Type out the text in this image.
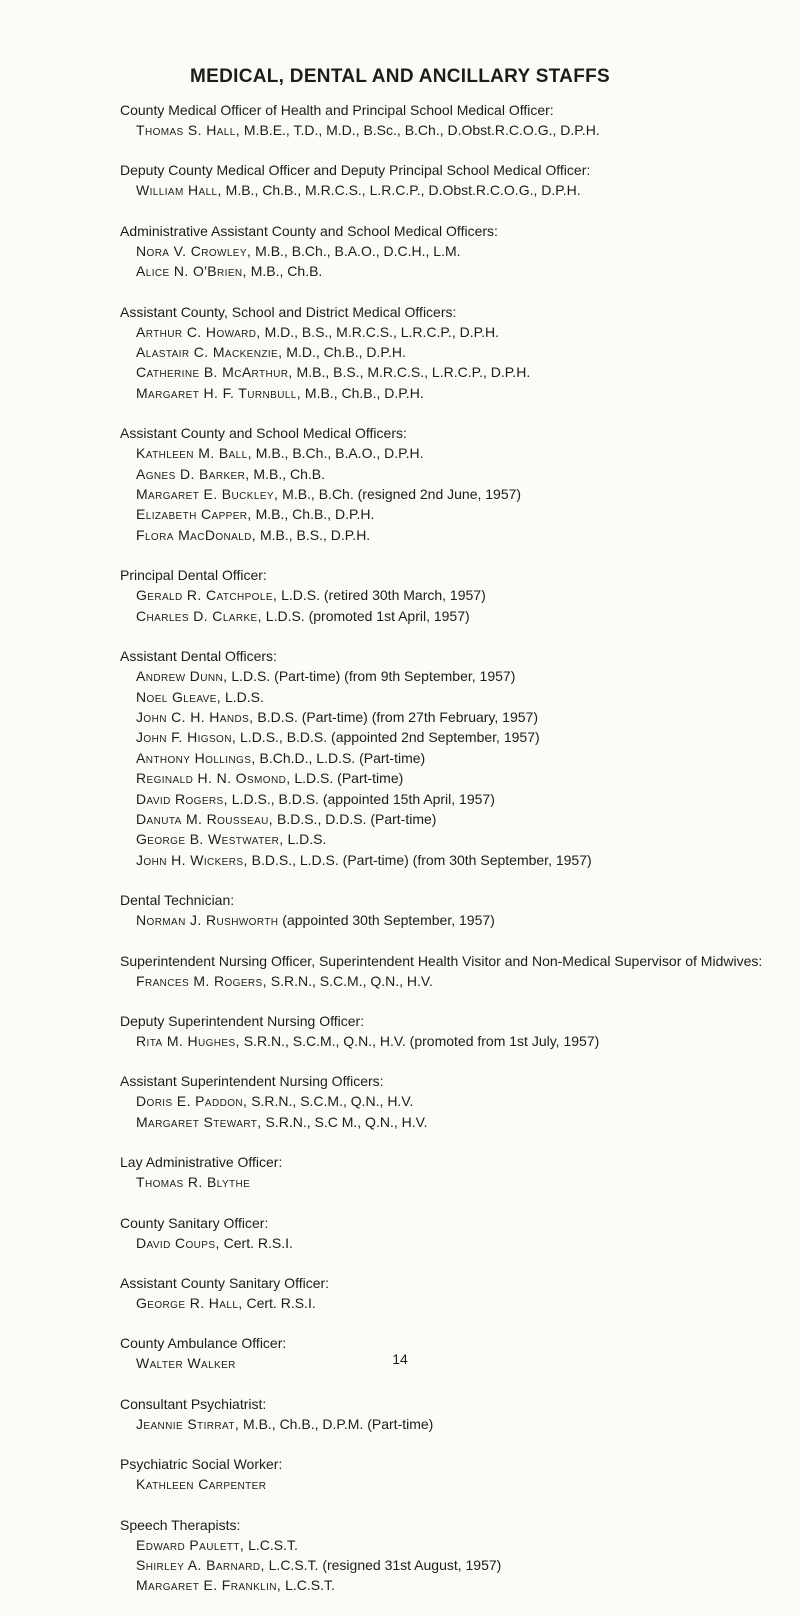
MEDICAL, DENTAL AND ANCILLARY STAFFS
County Medical Officer of Health and Principal School Medical Officer:
Thomas S. Hall, M.B.E., T.D., M.D., B.Sc., B.Ch., D.Obst.R.C.O.G., D.P.H.
Deputy County Medical Officer and Deputy Principal School Medical Officer:
William Hall, M.B., Ch.B., M.R.C.S., L.R.C.P., D.Obst.R.C.O.G., D.P.H.
Administrative Assistant County and School Medical Officers:
Nora V. Crowley, M.B., B.Ch., B.A.O., D.C.H., L.M.
Alice N. O'Brien, M.B., Ch.B.
Assistant County, School and District Medical Officers:
Arthur C. Howard, M.D., B.S., M.R.C.S., L.R.C.P., D.P.H.
Alastair C. Mackenzie, M.D., Ch.B., D.P.H.
Catherine B. McArthur, M.B., B.S., M.R.C.S., L.R.C.P., D.P.H.
Margaret H. F. Turnbull, M.B., Ch.B., D.P.H.
Assistant County and School Medical Officers:
Kathleen M. Ball, M.B., B.Ch., B.A.O., D.P.H.
Agnes D. Barker, M.B., Ch.B.
Margaret E. Buckley, M.B., B.Ch. (resigned 2nd June, 1957)
Elizabeth Capper, M.B., Ch.B., D.P.H.
Flora MacDonald, M.B., B.S., D.P.H.
Principal Dental Officer:
Gerald R. Catchpole, L.D.S. (retired 30th March, 1957)
Charles D. Clarke, L.D.S. (promoted 1st April, 1957)
Assistant Dental Officers:
Andrew Dunn, L.D.S. (Part-time) (from 9th September, 1957)
Noel Gleave, L.D.S.
John C. H. Hands, B.D.S. (Part-time) (from 27th February, 1957)
John F. Higson, L.D.S., B.D.S. (appointed 2nd September, 1957)
Anthony Hollings, B.Ch.D., L.D.S. (Part-time)
Reginald H. N. Osmond, L.D.S. (Part-time)
David Rogers, L.D.S., B.D.S. (appointed 15th April, 1957)
Danuta M. Rousseau, B.D.S., D.D.S. (Part-time)
George B. Westwater, L.D.S.
John H. Wickers, B.D.S., L.D.S. (Part-time) (from 30th September, 1957)
Dental Technician:
Norman J. Rushworth (appointed 30th September, 1957)
Superintendent Nursing Officer, Superintendent Health Visitor and Non-Medical Supervisor of Midwives:
Frances M. Rogers, S.R.N., S.C.M., Q.N., H.V.
Deputy Superintendent Nursing Officer:
Rita M. Hughes, S.R.N., S.C.M., Q.N., H.V. (promoted from 1st July, 1957)
Assistant Superintendent Nursing Officers:
Doris E. Paddon, S.R.N., S.C.M., Q.N., H.V.
Margaret Stewart, S.R.N., S.C M., Q.N., H.V.
Lay Administrative Officer:
Thomas R. Blythe
County Sanitary Officer:
David Coups, Cert. R.S.I.
Assistant County Sanitary Officer:
George R. Hall, Cert. R.S.I.
County Ambulance Officer:
Walter Walker
Consultant Psychiatrist:
Jeannie Stirrat, M.B., Ch.B., D.P.M. (Part-time)
Psychiatric Social Worker:
Kathleen Carpenter
Speech Therapists:
Edward Paulett, L.C.S.T.
Shirley A. Barnard, L.C.S.T. (resigned 31st August, 1957)
Margaret E. Franklin, L.C.S.T.
14
